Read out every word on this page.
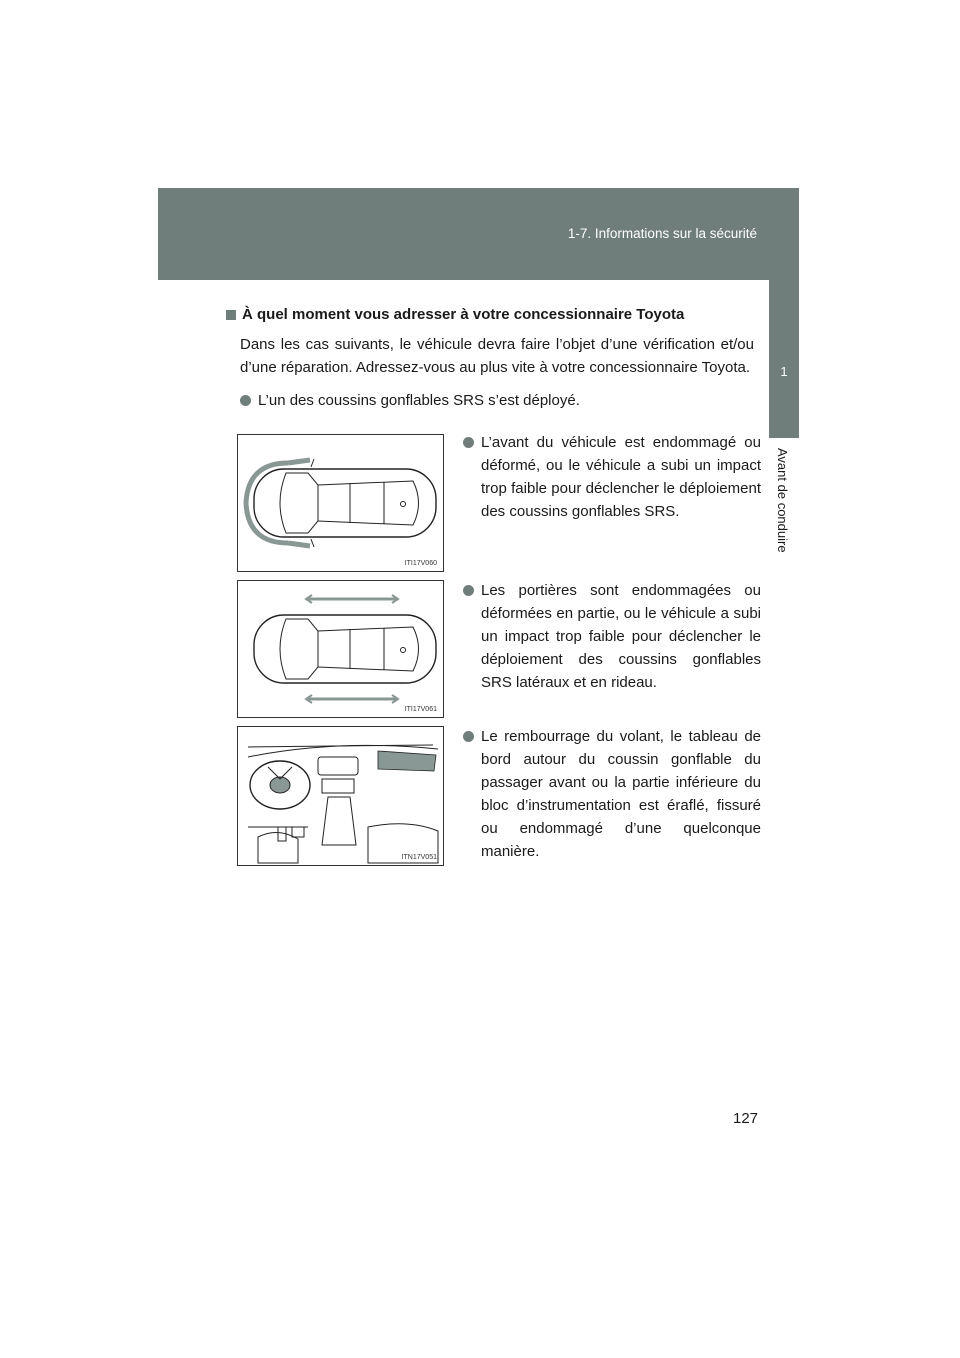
1-7. Informations sur la sécurité
1
Avant de conduire

À quel moment vous adresser à votre concessionnaire Toyota

Dans les cas suivants, le véhicule devra faire l’objet d’une vérification et/ou d’une réparation. Adressez-vous au plus vite à votre concessionnaire Toyota.

L’un des coussins gonflables SRS s’est déployé.
ITI17V060
L’avant du véhicule est endommagé ou déformé, ou le véhicule a subi un impact trop faible pour déclencher le déploiement des coussins gonflables SRS.
ITI17V061
Les portières sont endommagées ou déformées en partie, ou le véhicule a subi un impact trop faible pour déclencher le déploiement des coussins gonflables SRS latéraux et en rideau.
ITN17V051
Le rembourrage du volant, le tableau de bord autour du coussin gonflable du passager avant ou la partie inférieure du bloc d’instrumentation est éraflé, fissuré ou endommagé d’une quelconque manière.
127
